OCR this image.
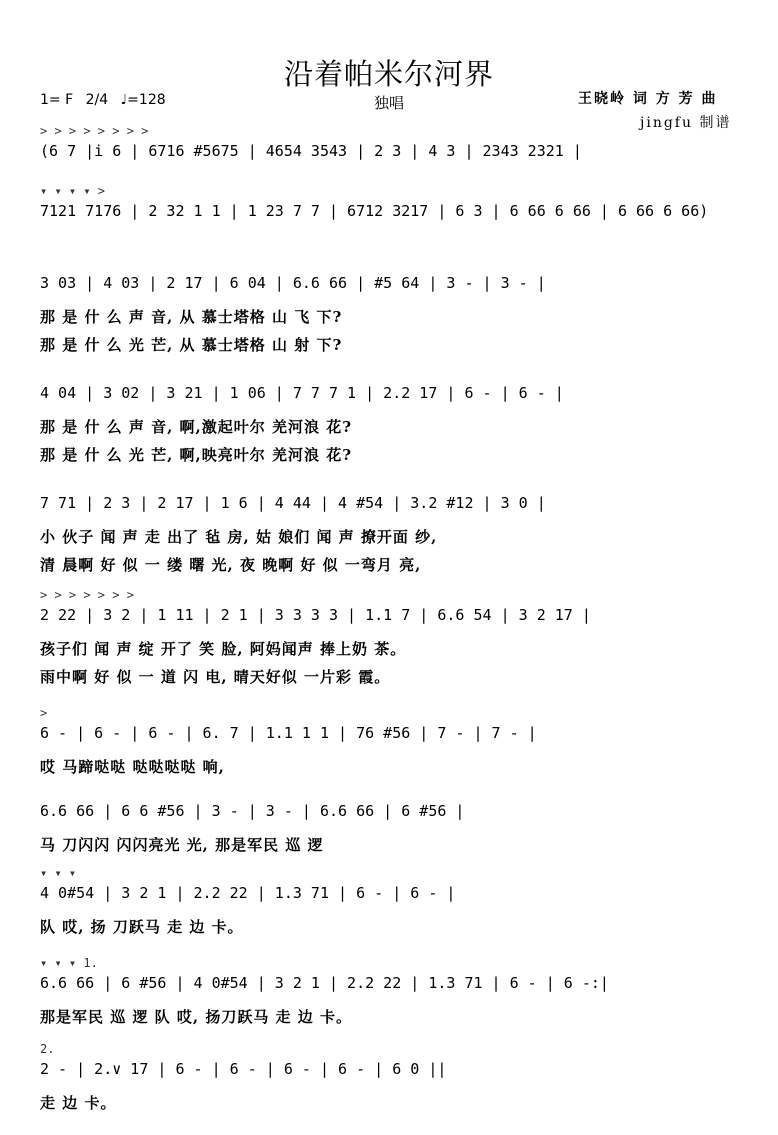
沿着帕米尔河界
独唱
1= F 2/4 ♩=128	王晓岭 词 方 芳 曲
jingfu 制谱
> > > > > > > >
(6 7 |i 6 | 6716 #5675 | 4654 3543 | 2 3 | 4 3 | 2343 2321 |
▾ ▾ ▾ ▾ >
7121 7176 | 2 32 1 1 | 1 23 7 7 | 6712 3217 | 6 3 | 6 66 6 66 | 6 66 6 66)
3 03 | 4 03 | 2 17 | 6 04 | 6.6 66 | #5 64 | 3 - | 3 - |
那 是 什 么 声 音, 从 慕士塔格 山 飞 下?
那 是 什 么 光 芒, 从 慕士塔格 山 射 下?
4 04 | 3 02 | 3 21 | 1 06 | 7 7 7 1 | 2.2 17 | 6 - | 6 - |
那 是 什 么 声 音, 啊,激起叶尔 羌河浪 花?
那 是 什 么 光 芒, 啊,映亮叶尔 羌河浪 花?
7 71 | 2 3 | 2 17 | 1 6 | 4 44 | 4 #54 | 3.2 #12 | 3 0 |
小 伙子 闻 声 走 出了 毡 房, 姑 娘们 闻 声 撩开面 纱,
清 晨啊 好 似 一 缕 曙 光, 夜 晚啊 好 似 一弯月 亮,
> > > > > > >
2 22 | 3 2 | 1 11 | 2 1 | 3 3 3 3 | 1.1 7 | 6.6 54 | 3 2 17 |
孩子们 闻 声 绽 开了 笑 脸, 阿妈闻声 捧上奶 茶。
雨中啊 好 似 一 道 闪 电, 晴天好似 一片彩 霞。
>
6 - | 6 - | 6 - | 6. 7 | 1.1 1 1 | 76 #56 | 7 - | 7 - |
哎 马蹄哒哒 哒哒哒哒 响,
6.6 66 | 6 6 #56 | 3 - | 3 - | 6.6 66 | 6 #56 |
马 刀闪闪 闪闪亮光 光, 那是军民 巡 逻
▾ ▾ ▾
4 0#54 | 3 2 1 | 2.2 22 | 1.3 71 | 6 - | 6 - |
队 哎, 扬 刀跃马 走 边 卡。
▾ ▾ ▾ 1.
6.6 66 | 6 #56 | 4 0#54 | 3 2 1 | 2.2 22 | 1.3 71 | 6 - | 6 -:|
那是军民 巡 逻 队 哎, 扬刀跃马 走 边 卡。
2.
2 - | 2.∨ 17 | 6 - | 6 - | 6 - | 6 - | 6 0 ||
走 边 卡。
